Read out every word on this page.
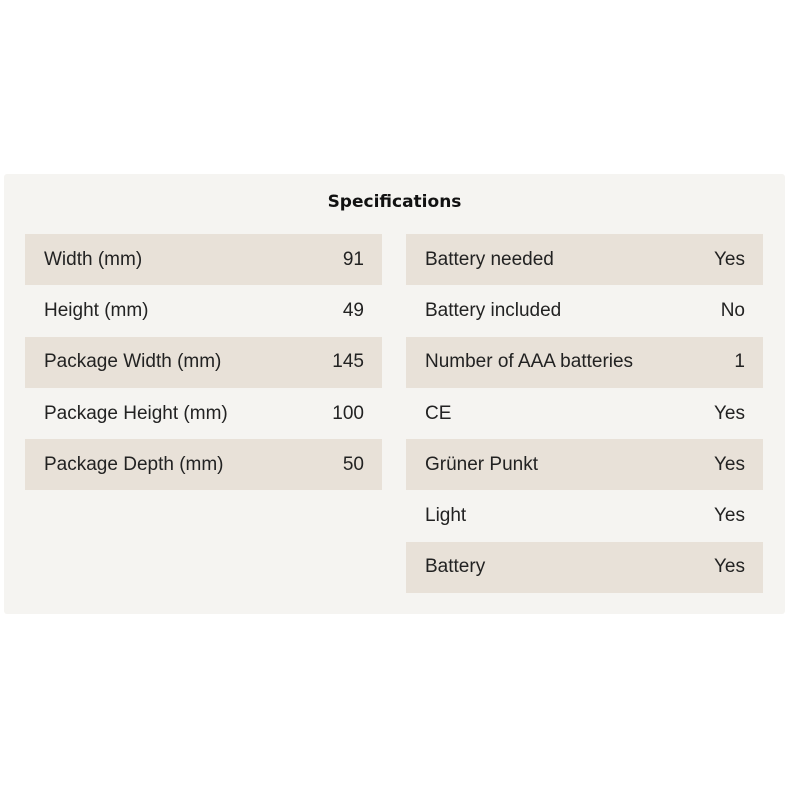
Specifications
Width (mm)	91
Height (mm)	49
Package Width (mm)	145
Package Height (mm)	100
Package Depth (mm)	50
Battery needed	Yes
Battery included	No
Number of AAA batteries	1
CE	Yes
Grüner Punkt	Yes
Light	Yes
Battery	Yes
